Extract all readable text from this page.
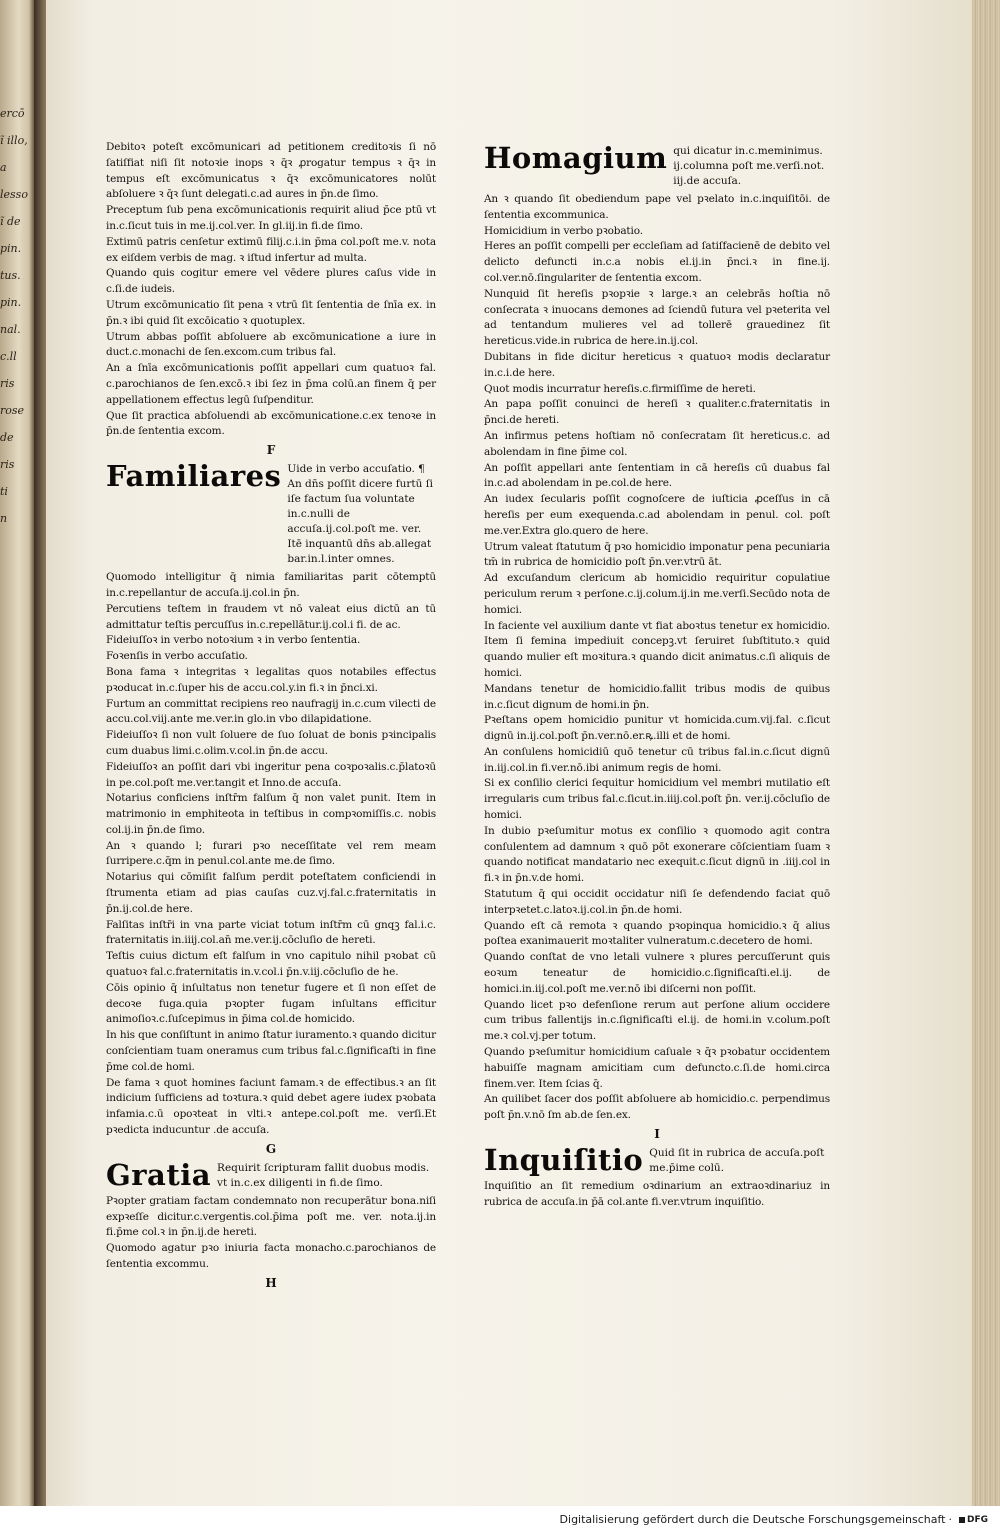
ercō
ĩ illo,
a
lesso
ĩ de
pin.
tus.
pin.
nal.
c.ll
ris
rose
de
ris
ti
n

Debitoꝛ poteſt excōmunicari ad petitionem creditoꝛis ſi nō ſatiſfiat niſi ſit notoꝛie inops ꝛ q̄ꝛ ꝓrogatur tempus ꝛ q̄ꝛ in tempus eſt excōmunicatus ꝛ q̄ꝛ excōmunicatores nolūt abſoluere ꝛ q̄ꝛ ſunt delegati.c.ad aures in p̄n.de ſimo.

Preceptum ſub pena excōmunicationis requirit aliud p̄ce ptū vt in.c.ſicut tuis in me.ij.col.ver. In gl.iij.in fi.de ſimo.

Extimū patris cenſetur extimū filij.c.i.in p̄ma col.poſt me.v. nota ex eiſdem verbis de mag. ꝛ iſtud infertur ad multa.

Quando quis cogitur emere vel vēdere plures caſus vide in c.ſi.de iudeis.

Utrum excōmunicatio ſit pena ꝛ vtrū ſit ſententia de ſnīa ex. in p̄n.ꝛ ibi quid ſit excōicatio ꝛ quotuplex.

Utrum abbas poſſit abſoluere ab excōmunicatione a iure in duct.c.monachi de ſen.excom.cum tribus fal.

An a ſnīa excōmunicationis poſſit appellari cum quatuoꝛ fal. c.parochianos de ſen.excō.ꝛ ibi ſez in p̄ma colū.an finem q̄ per appellationem effectus legū ſuſpenditur.

Que ſit practica abſoluendi ab excōmunicatione.c.ex tenoꝛe in p̄n.de ſententia excom.

F
Familiares Uide in verbo accuſatio. ¶ An dn̄s poſſit dicere furtū ſi iſe factum ſua voluntate in.c.nulli de accuſa.ij.col.poſt me. ver. Itē inquantū dn̄s ab.allegat bar.in.l.inter omnes.

Quomodo intelligitur q̄ nimia familiaritas parit cōtemptū in.c.repellantur de accuſa.ij.col.in p̄n.

Percutiens teſtem in fraudem vt nō valeat eius dictū an tū admittatur teſtis percuſſus in.c.repellātur.ij.col.i fi. de ac.

Fideiuſſoꝛ in verbo notoꝛium ꝛ in verbo ſententia.

Foꝛenſis in verbo accuſatio.

Bona fama ꝛ integritas ꝛ legalitas quos notabiles effectus pꝛoducat in.c.ſuper his de accu.col.y.in fi.ꝛ in p̄nci.xi.

Furtum an committat recipiens reo naufragij in.c.cum vilecti de accu.col.viij.ante me.ver.in glo.in vbo dilapidatione.

Fideiuſſoꝛ ſi non vult ſoluere de ſuo ſoluat de bonis pꝛincipalis cum duabus limi.c.olim.v.col.in p̄n.de accu.

Fideiuſſoꝛ an poſſit dari vbi ingeritur pena coꝛpoꝛalis.c.p̄latoꝛū in pe.col.poſt me.ver.tangit et Inno.de accuſa.

Notarius conficiens inſtr̄m falſum q̄ non valet punit. Item in matrimonio in emphiteota in teſtibus in compꝛomiſſis.c. nobis col.ij.in p̄n.de ſimo.

An ꝛ quando l; furari pꝛo neceſſitate vel rem meam ſurripere.c.q̄m in penul.col.ante me.de ſimo.

Notarius qui cōmiſit falſum perdit poteſtatem conficiendi in ſtrumenta etiam ad pias cauſas cuz.vj.fal.c.fraternitatis in p̄n.ij.col.de here.

Falſitas inſtr̄i in vna parte viciat totum inſtr̄m cū gnqꝫ fal.i.c. fraternitatis in.iiij.col.an̄ me.ver.ij.cōcluſio de hereti.

Teſtis cuius dictum eſt falſum in vno capitulo nihil pꝛobat cū quatuoꝛ fal.c.fraternitatis in.v.col.i p̄n.v.iij.cōcluſio de he.

Cōis opinio q̄ inſultatus non tenetur fugere et ſi non eſſet de decoꝛe fuga.quia pꝛopter fugam inſultans efficitur animoſioꝛ.c.ſuſcepimus in p̄ima col.de homicido.

In his que conſiſtunt in animo ſtatur iuramento.ꝛ quando dicitur conſcientiam tuam oneramus cum tribus fal.c.ſignificaſti in fine p̄me col.de homi.

De fama ꝛ quot homines faciunt famam.ꝛ de effectibus.ꝛ an ſit indicium ſufficiens ad toꝛtura.ꝛ quid debet agere iudex pꝛobata infamia.c.ū opoꝛteat in vlti.ꝛ antepe.col.poſt me. verſi.Et pꝛedicta inducuntur .de accuſa.

G
Gratia Requirit ſcripturam fallit duobus modis. vt in.c.ex diligenti in fi.de ſimo.

Pꝛopter gratiam factam condemnato non recuperātur bona.niſi expꝛeſſe dicitur.c.vergentis.col.p̄ima poſt me. ver. nota.ij.in fi.p̄me col.ꝛ in p̄n.ij.de hereti.

Quomodo agatur pꝛo iniuria facta monacho.c.parochianos de ſententia excommu.

H
Homagium qui dicatur in.c.meminimus. ij.columna poſt me.verſi.not. iij.de accuſa.

An ꝛ quando ſit obediendum pape vel pꝛelato in.c.inquiſitōi. de ſententia excommunica.

Homicidium in verbo pꝛobatio.

Heres an poſſit compelli per eccleſiam ad ſatiſfacienē de debito vel delicto defuncti in.c.a nobis el.ij.in p̄nci.ꝛ in fine.ij. col.ver.nō.ſingulariter de ſententia excom.

Nunquid ſit hereſis pꝛopꝛie ꝛ large.ꝛ an celebrās hoſtia nō conſecrata ꝛ inuocans demones ad ſciendū futura vel pꝛeterita vel ad tentandum mulieres vel ad tollerē grauedinez ſit hereticus.vide.in rubrica de here.in.ij.col.

Dubitans in fide dicitur hereticus ꝛ quatuoꝛ modis declaratur in.c.i.de here.

Quot modis incurratur hereſis.c.firmiſſime de hereti.

An papa poſſit conuinci de hereſi ꝛ qualiter.c.fraternitatis in p̄nci.de hereti.

An infirmus petens hoſtiam nō conſecratam ſit hereticus.c. ad abolendam in fine p̄ime col.

An poſſit appellari ante ſententiam in cā hereſis cū duabus fal in.c.ad abolendam in pe.col.de here.

An iudex ſecularis poſſit cognoſcere de iuſticia ꝓceſſus in cā hereſis per eum exequenda.c.ad abolendam in penul. col. poſt me.ver.Extra glo.quero de here.

Utrum valeat ſtatutum q̄ pꝛo homicidio imponatur pena pecuniaria tm̄ in rubrica de homicidio poſt p̄n.ver.vtrū āt.

Ad excuſandum clericum ab homicidio requiritur copulatiue periculum rerum ꝛ perſone.c.ij.colum.ij.in me.verſi.Secūdo nota de homici.

In faciente vel auxilium dante vt fiat aboꝛtus tenetur ex homicidio. Item ſi femina impediuit concepꝫ.vt ſeruiret ſubſtituto.ꝛ quid quando mulier eſt moꝛitura.ꝛ quando dicit animatus.c.ſi aliquis de homici.

Mandans tenetur de homicidio.fallit tribus modis de quibus in.c.ſicut dignum de homi.in p̄n.

Pꝛeſtans opem homicidio punitur vt homicida.cum.vij.fal. c.ſicut dignū in.ij.col.poſt p̄n.ver.nō.er.ꝶ.illi et de homi.

An conſulens homicidiū quō tenetur cū tribus fal.in.c.ſicut dignū in.iij.col.in fi.ver.nō.ibi animum regis de homi.

Si ex conſilio clerici ſequitur homicidium vel membri mutilatio eſt irregularis cum tribus fal.c.ſicut.in.iiij.col.poſt p̄n. ver.ij.cōcluſio de homici.

In dubio pꝛeſumitur motus ex conſilio ꝛ quomodo agit contra conſulentem ad damnum ꝛ quō pōt exonerare cōſcientiam ſuam ꝛ quando notificat mandatario nec exequit.c.ſicut dignū in .iiij.col in fi.ꝛ in p̄n.v.de homi.

Statutum q̄ qui occidit occidatur niſi ſe defendendo faciat quō interpꝛetet.c.latoꝛ.ij.col.in p̄n.de homi.

Quando eſt cā remota ꝛ quando pꝛopinqua homicidio.ꝛ q̄ alius poſtea exanimauerit moꝛtaliter vulneratum.c.decetero de homi.

Quando conſtat de vno letali vulnere ꝛ plures percuſſerunt quis eoꝛum teneatur de homicidio.c.ſignificaſti.el.ij. de homici.in.iij.col.poſt me.ver.nō ibi diſcerni non poſſit.

Quando licet pꝛo defenſione rerum aut perſone alium occidere cum tribus fallentijs in.c.ſignificaſti el.ij. de homi.in v.colum.poſt me.ꝛ col.vj.per totum.

Quando pꝛeſumitur homicidium caſuale ꝛ q̄ꝛ pꝛobatur occidentem habuiſſe magnam amicitiam cum defuncto.c.ſi.de homi.circa finem.ver. Item ſcias q̄.

An quilibet ſacer dos poſſit abſoluere ab homicidio.c. perpendimus poſt p̄n.v.nō ſm ab.de ſen.ex.

I
Inquiſitio Quid ſit in rubrica de accuſa.poſt me.p̄ime colū.

Inquiſitio an ſit remedium oꝛdinarium an extraoꝛdinariuz in rubrica de accuſa.in p̄ā col.ante fi.ver.vtrum inquiſitio.

Digitalisierung gefördert durch die Deutsche Forschungsgemeinschaft · DFG
